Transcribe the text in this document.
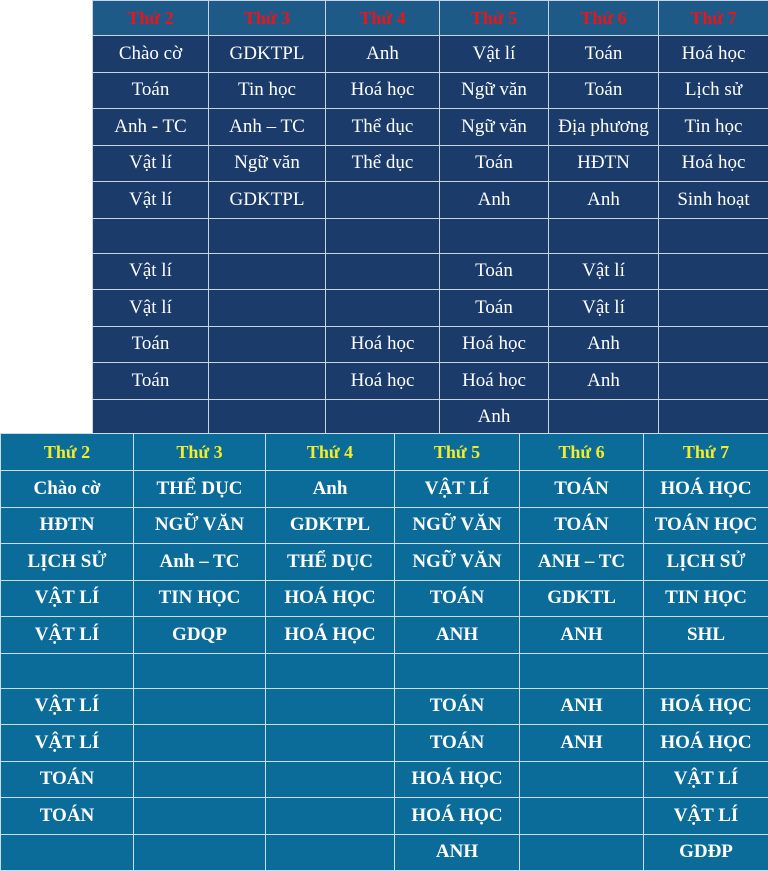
Thứ 2	Thứ 3	Thứ 4	Thứ 5	Thứ 6	Thứ 7
Chào cờ	GDKTPL	Anh	Vật lí	Toán	Hoá học
Toán	Tin học	Hoá học	Ngữ văn	Toán	Lịch sử
Anh - TC	Anh – TC	Thể dục	Ngữ văn	Địa phương	Tin học
Vật lí	Ngữ văn	Thể dục	Toán	HĐTN	Hoá học
Vật lí	GDKTPL		Anh	Anh	Sinh hoạt

Vật lí			Toán	Vật lí	
Vật lí			Toán	Vật lí	
Toán		Hoá học	Hoá học	Anh	
Toán		Hoá học	Hoá học	Anh	
			Anh		
Thứ 2	Thứ 3	Thứ 4	Thứ 5	Thứ 6	Thứ 7
Chào cờ	THỂ DỤC	Anh	VẬT LÍ	TOÁN	HOÁ HỌC
HĐTN	NGỮ VĂN	GDKTPL	NGỮ VĂN	TOÁN	TOÁN HỌC
LỊCH SỬ	Anh – TC	THỂ DỤC	NGỮ VĂN	ANH – TC	LỊCH SỬ
VẬT LÍ	TIN HỌC	HOÁ HỌC	TOÁN	GDKTL	TIN HỌC
VẬT LÍ	GDQP	HOÁ HỌC	ANH	ANH	SHL

VẬT LÍ			TOÁN	ANH	HOÁ HỌC
VẬT LÍ			TOÁN	ANH	HOÁ HỌC
TOÁN			HOÁ HỌC		VẬT LÍ
TOÁN			HOÁ HỌC		VẬT LÍ
			ANH		GDĐP
